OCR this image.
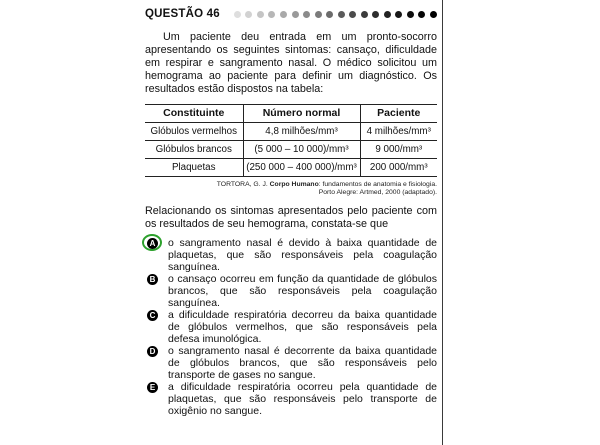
QUESTÃO 46

Um paciente deu entrada em um pronto-socorro apresentando os seguintes sintomas: cansaço, dificuldade em respirar e sangramento nasal. O médico solicitou um hemograma ao paciente para definir um diagnóstico. Os resultados estão dispostos na tabela:

Constituinte	Número normal	Paciente
Glóbulos vermelhos	4,8 milhões/mm³	4 milhões/mm³
Glóbulos brancos	(5 000 – 10 000)/mm³	9 000/mm³
Plaquetas	(250 000 – 400 000)/mm³	200 000/mm³
TORTORA, G. J. Corpo Humano: fundamentos de anatomia e fisiologia.
Porto Alegre: Artmed, 2000 (adaptado).

Relacionando os sintomas apresentados pelo paciente com os resultados de seu hemograma, constata-se que

A o sangramento nasal é devido à baixa quantidade de plaquetas, que são responsáveis pela coagulação sanguínea.
B o cansaço ocorreu em função da quantidade de glóbulos brancos, que são responsáveis pela coagulação sanguínea.
C a dificuldade respiratória decorreu da baixa quantidade de glóbulos vermelhos, que são responsáveis pela defesa imunológica.
D o sangramento nasal é decorrente da baixa quantidade de glóbulos brancos, que são responsáveis pelo transporte de gases no sangue.
E a dificuldade respiratória ocorreu pela quantidade de plaquetas, que são responsáveis pelo transporte de oxigênio no sangue.
